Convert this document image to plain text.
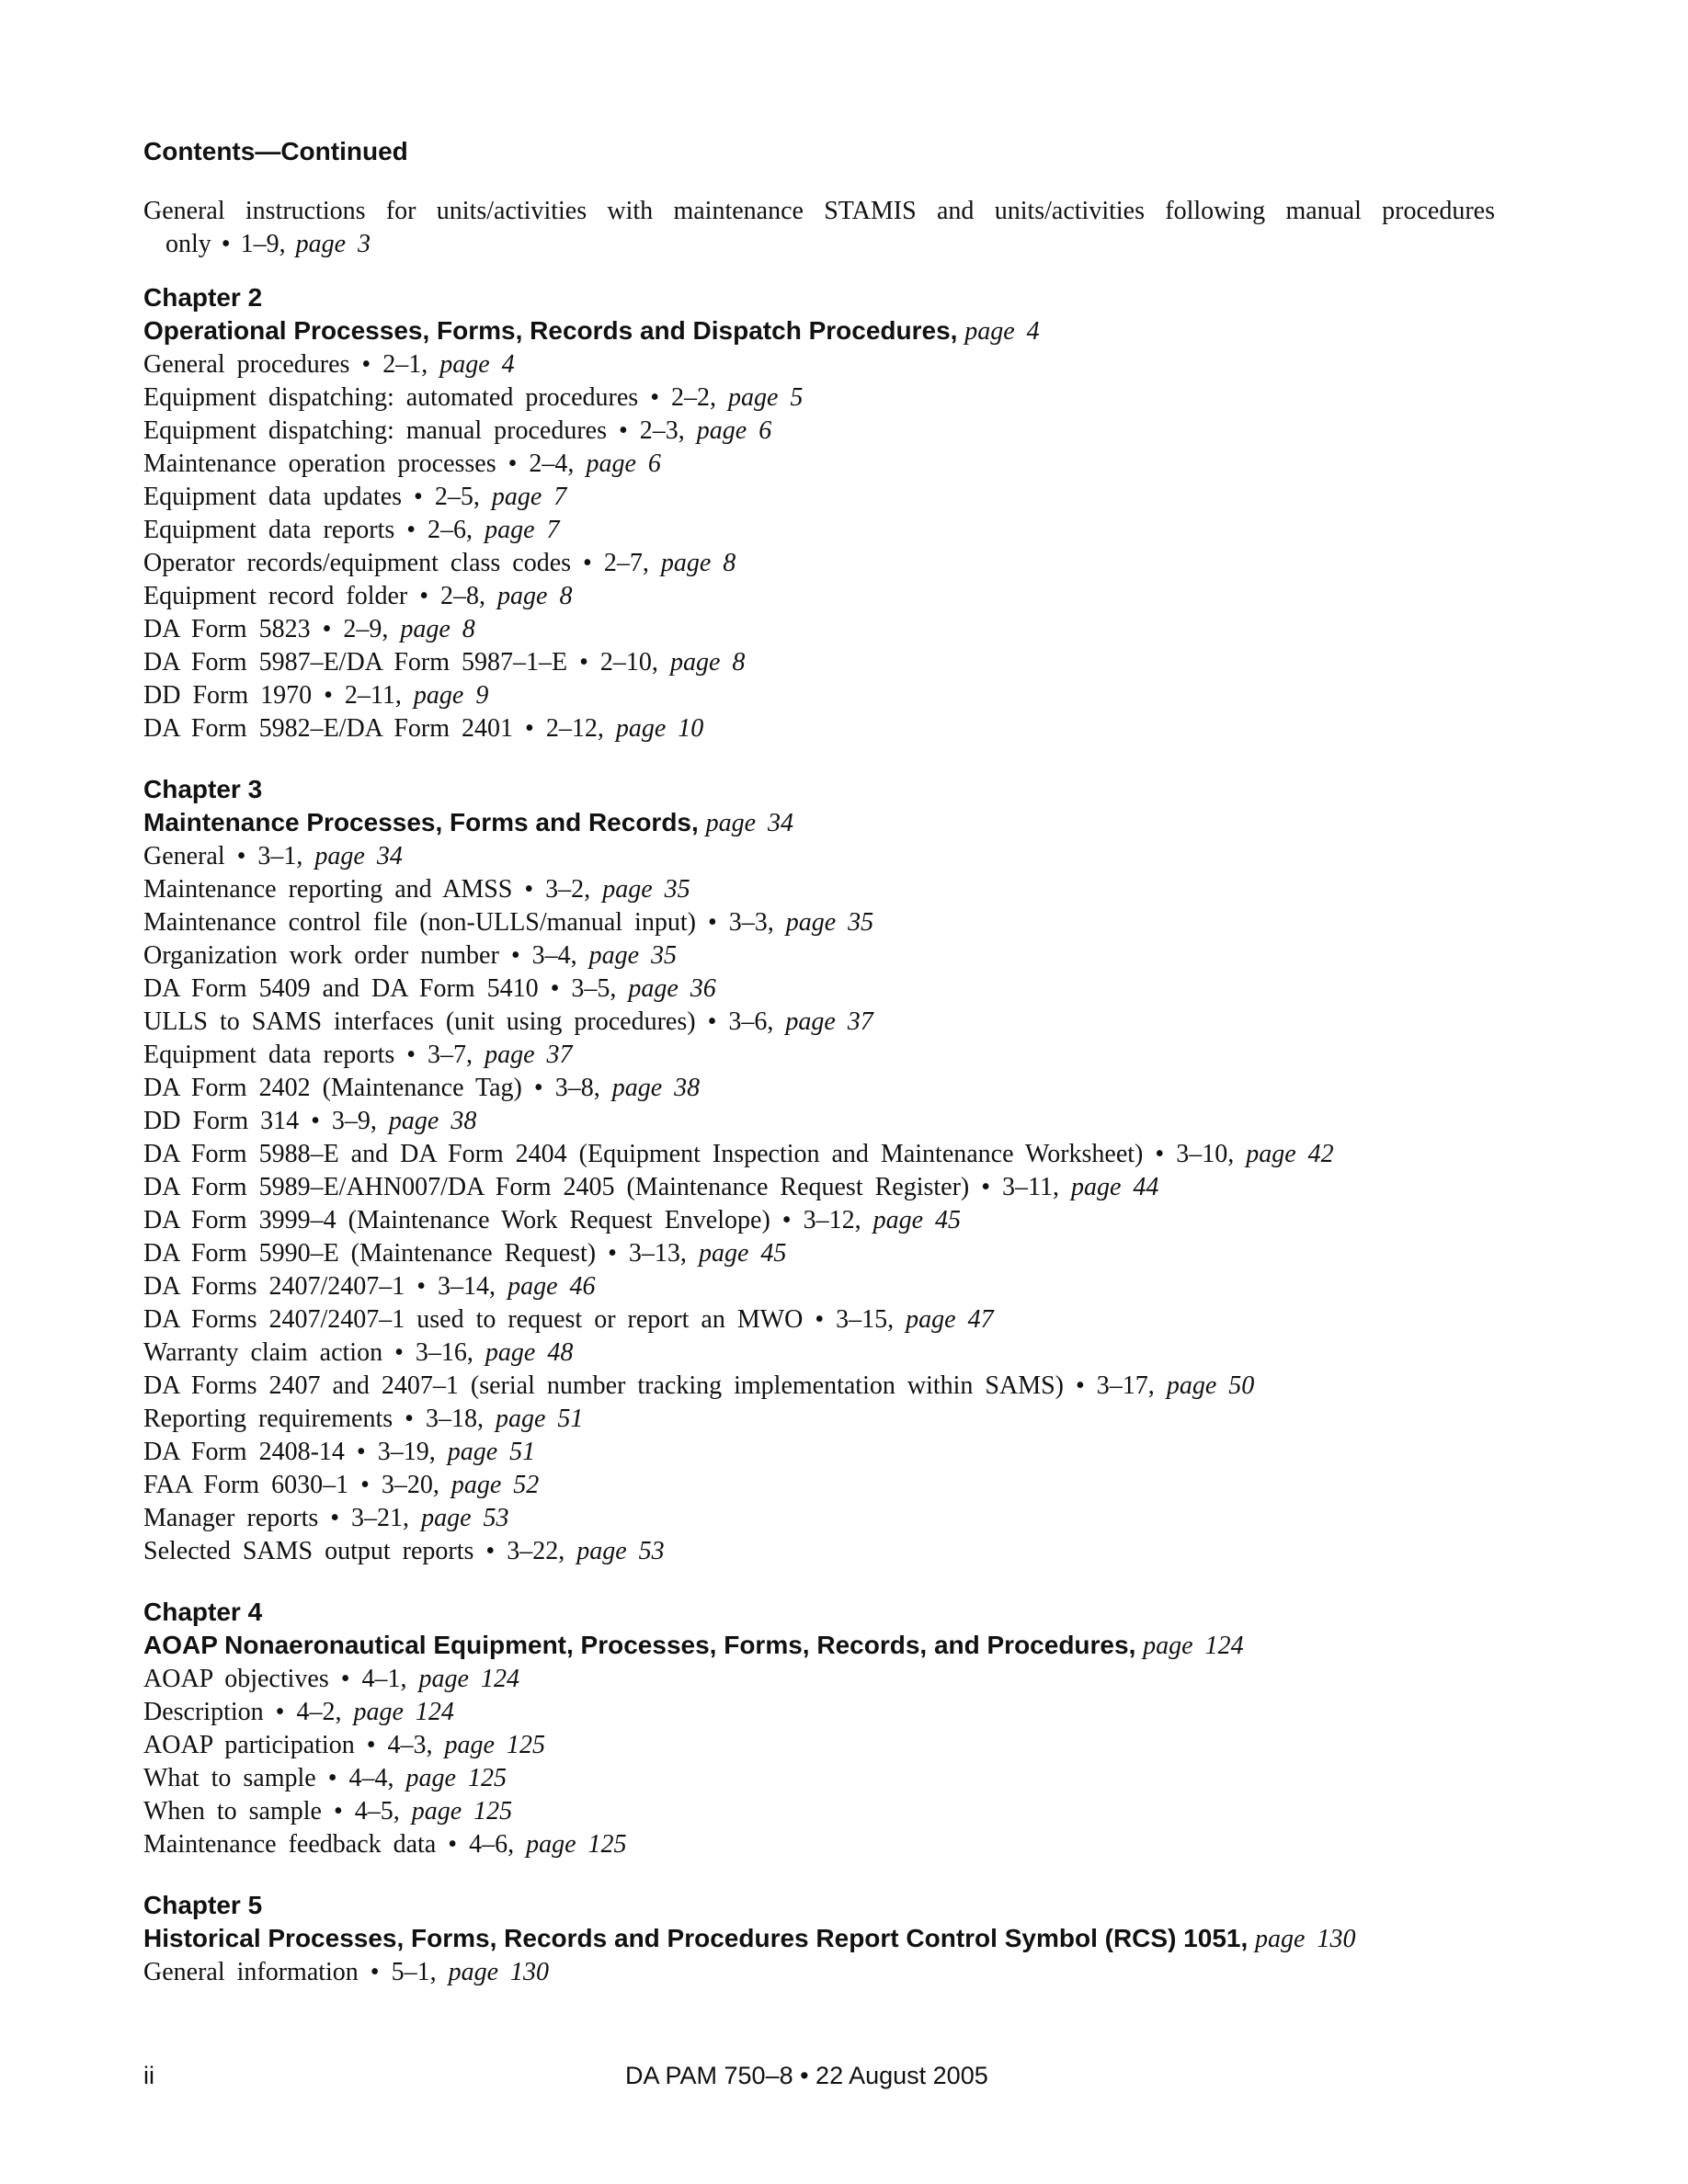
Contents—Continued
General instructions for units/activities with maintenance STAMIS and units/activities following manual procedures
only • 1–9, page 3
Chapter 2
Operational Processes, Forms, Records and Dispatch Procedures, page 4
General procedures • 2–1, page 4
Equipment dispatching: automated procedures • 2–2, page 5
Equipment dispatching: manual procedures • 2–3, page 6
Maintenance operation processes • 2–4, page 6
Equipment data updates • 2–5, page 7
Equipment data reports • 2–6, page 7
Operator records/equipment class codes • 2–7, page 8
Equipment record folder • 2–8, page 8
DA Form 5823 • 2–9, page 8
DA Form 5987–E/DA Form 5987–1–E • 2–10, page 8
DD Form 1970 • 2–11, page 9
DA Form 5982–E/DA Form 2401 • 2–12, page 10
Chapter 3
Maintenance Processes, Forms and Records, page 34
General • 3–1, page 34
Maintenance reporting and AMSS • 3–2, page 35
Maintenance control file (non-ULLS/manual input) • 3–3, page 35
Organization work order number • 3–4, page 35
DA Form 5409 and DA Form 5410 • 3–5, page 36
ULLS to SAMS interfaces (unit using procedures) • 3–6, page 37
Equipment data reports • 3–7, page 37
DA Form 2402 (Maintenance Tag) • 3–8, page 38
DD Form 314 • 3–9, page 38
DA Form 5988–E and DA Form 2404 (Equipment Inspection and Maintenance Worksheet) • 3–10, page 42
DA Form 5989–E/AHN007/DA Form 2405 (Maintenance Request Register) • 3–11, page 44
DA Form 3999–4 (Maintenance Work Request Envelope) • 3–12, page 45
DA Form 5990–E (Maintenance Request) • 3–13, page 45
DA Forms 2407/2407–1 • 3–14, page 46
DA Forms 2407/2407–1 used to request or report an MWO • 3–15, page 47
Warranty claim action • 3–16, page 48
DA Forms 2407 and 2407–1 (serial number tracking implementation within SAMS) • 3–17, page 50
Reporting requirements • 3–18, page 51
DA Form 2408-14 • 3–19, page 51
FAA Form 6030–1 • 3–20, page 52
Manager reports • 3–21, page 53
Selected SAMS output reports • 3–22, page 53
Chapter 4
AOAP Nonaeronautical Equipment, Processes, Forms, Records, and Procedures, page 124
AOAP objectives • 4–1, page 124
Description • 4–2, page 124
AOAP participation • 4–3, page 125
What to sample • 4–4, page 125
When to sample • 4–5, page 125
Maintenance feedback data • 4–6, page 125
Chapter 5
Historical Processes, Forms, Records and Procedures Report Control Symbol (RCS) 1051, page 130
General information • 5–1, page 130
ii	DA PAM 750–8 • 22 August 2005
